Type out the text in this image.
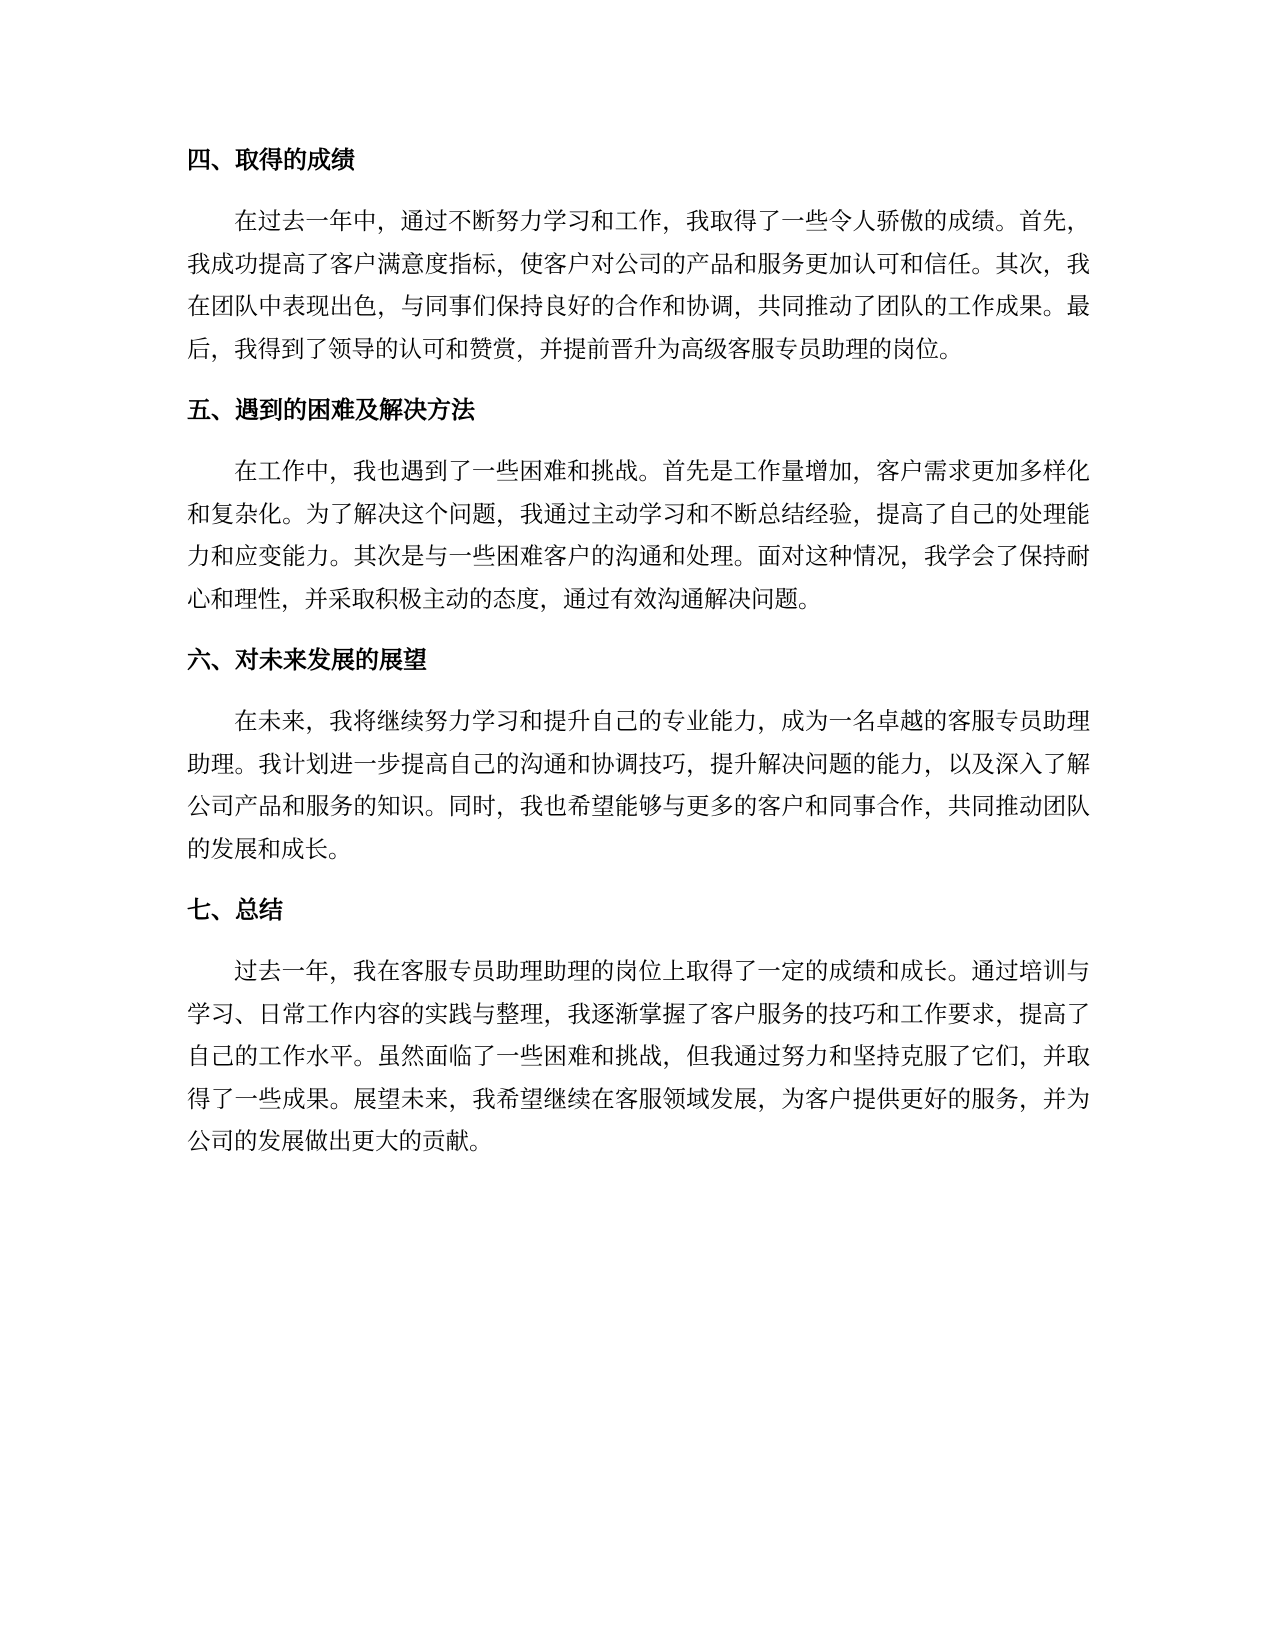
四、取得的成绩

在过去一年中，通过不断努力学习和工作，我取得了一些令人骄傲的成绩。首先，我成功提高了客户满意度指标，使客户对公司的产品和服务更加认可和信任。其次，我在团队中表现出色，与同事们保持良好的合作和协调，共同推动了团队的工作成果。最后，我得到了领导的认可和赞赏，并提前晋升为高级客服专员助理的岗位。

五、遇到的困难及解决方法

在工作中，我也遇到了一些困难和挑战。首先是工作量增加，客户需求更加多样化和复杂化。为了解决这个问题，我通过主动学习和不断总结经验，提高了自己的处理能力和应变能力。其次是与一些困难客户的沟通和处理。面对这种情况，我学会了保持耐心和理性，并采取积极主动的态度，通过有效沟通解决问题。

六、对未来发展的展望

在未来，我将继续努力学习和提升自己的专业能力，成为一名卓越的客服专员助理助理。我计划进一步提高自己的沟通和协调技巧，提升解决问题的能力，以及深入了解公司产品和服务的知识。同时，我也希望能够与更多的客户和同事合作，共同推动团队的发展和成长。

七、总结

过去一年，我在客服专员助理助理的岗位上取得了一定的成绩和成长。通过培训与学习、日常工作内容的实践与整理，我逐渐掌握了客户服务的技巧和工作要求，提高了自己的工作水平。虽然面临了一些困难和挑战，但我通过努力和坚持克服了它们，并取得了一些成果。展望未来，我希望继续在客服领域发展，为客户提供更好的服务，并为公司的发展做出更大的贡献。
